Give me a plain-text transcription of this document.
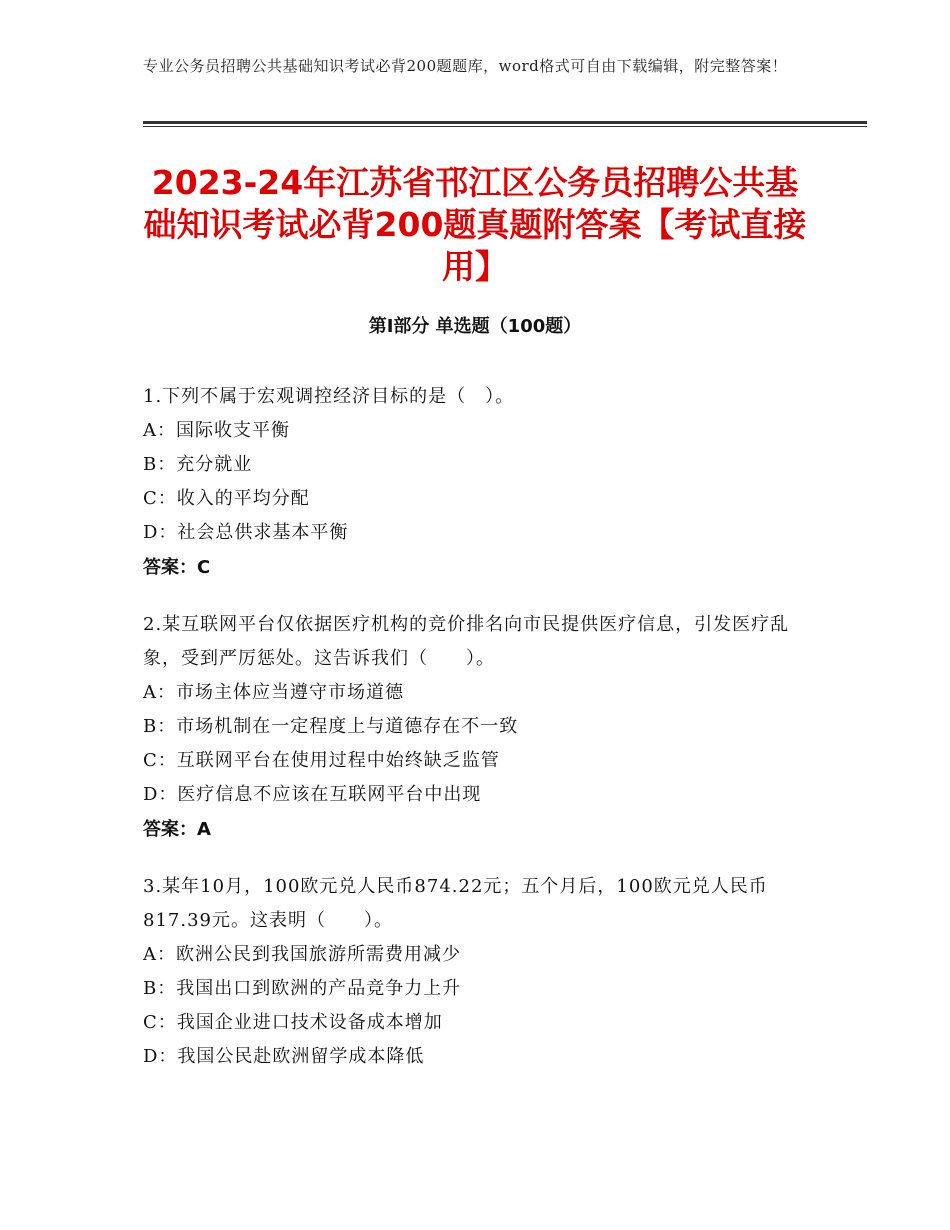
专业公务员招聘公共基础知识考试必背200题题库，word格式可自由下载编辑，附完整答案！
2023-24年江苏省邗江区公务员招聘公共基础知识考试必背200题真题附答案【考试直接用】
第Ⅰ部分 单选题（100题）
1.下列不属于宏观调控经济目标的是（　）。
A：国际收支平衡
B：充分就业
C：收入的平均分配
D：社会总供求基本平衡
答案：C
2.某互联网平台仅依据医疗机构的竞价排名向市民提供医疗信息，引发医疗乱象，受到严厉惩处。这告诉我们（　　）。
A：市场主体应当遵守市场道德
B：市场机制在一定程度上与道德存在不一致
C：互联网平台在使用过程中始终缺乏监管
D：医疗信息不应该在互联网平台中出现
答案：A
3.某年10月，100欧元兑人民币874.22元；五个月后，100欧元兑人民币817.39元。这表明（　　）。
A：欧洲公民到我国旅游所需费用减少
B：我国出口到欧洲的产品竞争力上升
C：我国企业进口技术设备成本增加
D：我国公民赴欧洲留学成本降低
